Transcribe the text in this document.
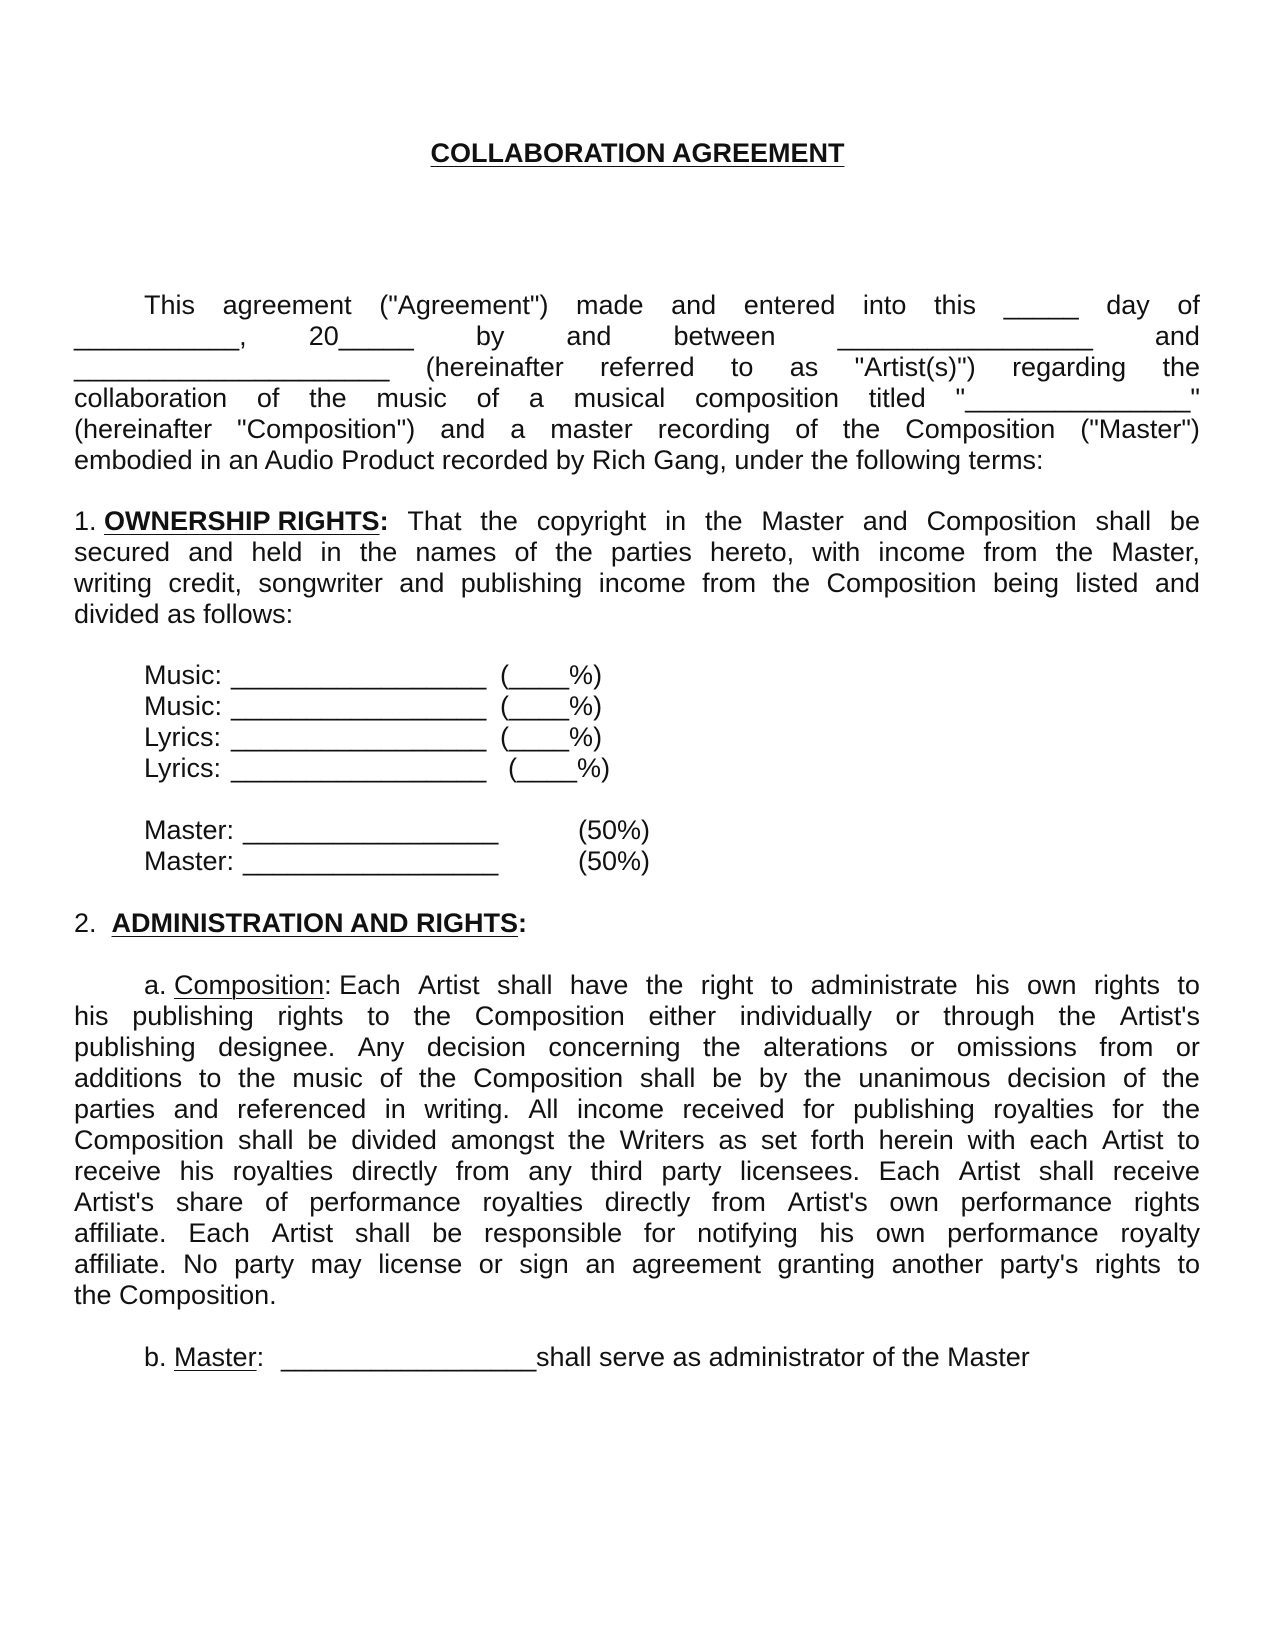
COLLABORATION AGREEMENT
This agreement ("Agreement") made and entered into this _____ day of
___________, 20_____ by and between _________________ and
_____________________ (hereinafter referred to as "Artist(s)") regarding the
collaboration of the music of a musical composition titled "_______________"
(hereinafter "Composition") and a master recording of the Composition ("Master")
embodied in an Audio Product recorded by Rich Gang, under the following terms:
1. OWNERSHIP RIGHTS: That the copyright in the Master and Composition shall be
secured and held in the names of the parties hereto, with income from the Master,
writing credit, songwriter and publishing income from the Composition being listed and
divided as follows:
Music: _________________ (____%)
Music: _________________ (____%)
Lyrics: _________________ (____%)
Lyrics: _________________ (____%)
Master: _________________	(50%)
Master: _________________	(50%)
2. ADMINISTRATION AND RIGHTS:
a. Composition: Each Artist shall have the right to administrate his own rights to
his publishing rights to the Composition either individually or through the Artist's
publishing designee. Any decision concerning the alterations or omissions from or
additions to the music of the Composition shall be by the unanimous decision of the
parties and referenced in writing. All income received for publishing royalties for the
Composition shall be divided amongst the Writers as set forth herein with each Artist to
receive his royalties directly from any third party licensees. Each Artist shall receive
Artist's share of performance royalties directly from Artist's own performance rights
affiliate. Each Artist shall be responsible for notifying his own performance royalty
affiliate. No party may license or sign an agreement granting another party's rights to
the Composition.
b. Master: _________________ shall serve as administrator of the Master
